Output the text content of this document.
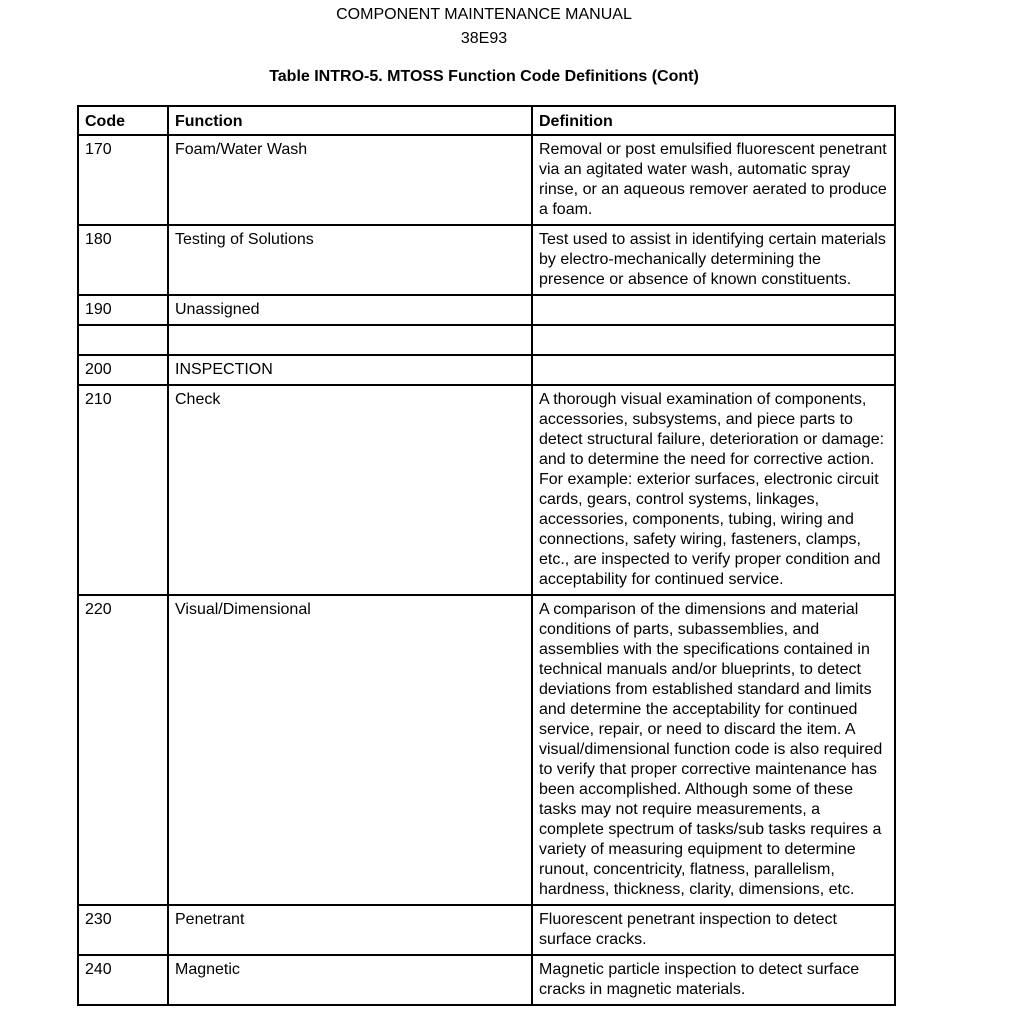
COMPONENT MAINTENANCE MANUAL
38E93
Table INTRO-5. MTOSS Function Code Definitions (Cont)
Code	Function	Definition
170	Foam/Water Wash	Removal or post emulsified fluorescent penetrant via an agitated water wash, automatic spray rinse, or an aqueous remover aerated to produce a foam.
180	Testing of Solutions	Test used to assist in identifying certain materials by electro-mechanically determining the presence or absence of known constituents.
190	Unassigned	

200	INSPECTION	
210	Check	A thorough visual examination of components, accessories, subsystems, and piece parts to detect structural failure, deterioration or damage: and to determine the need for corrective action. For example: exterior surfaces, electronic circuit cards, gears, control systems, linkages, accessories, components, tubing, wiring and connections, safety wiring, fasteners, clamps, etc., are inspected to verify proper condition and acceptability for continued service.
220	Visual/Dimensional	A comparison of the dimensions and material conditions of parts, subassemblies, and assemblies with the specifications contained in technical manuals and/or blueprints, to detect deviations from established standard and limits and determine the acceptability for continued service, repair, or need to discard the item. A visual/dimensional function code is also required to verify that proper corrective maintenance has been accomplished. Although some of these tasks may not require measurements, a complete spectrum of tasks/sub tasks requires a variety of measuring equipment to determine runout, concentricity, flatness, parallelism, hardness, thickness, clarity, dimensions, etc.
230	Penetrant	Fluorescent penetrant inspection to detect surface cracks.
240	Magnetic	Magnetic particle inspection to detect surface cracks in magnetic materials.
